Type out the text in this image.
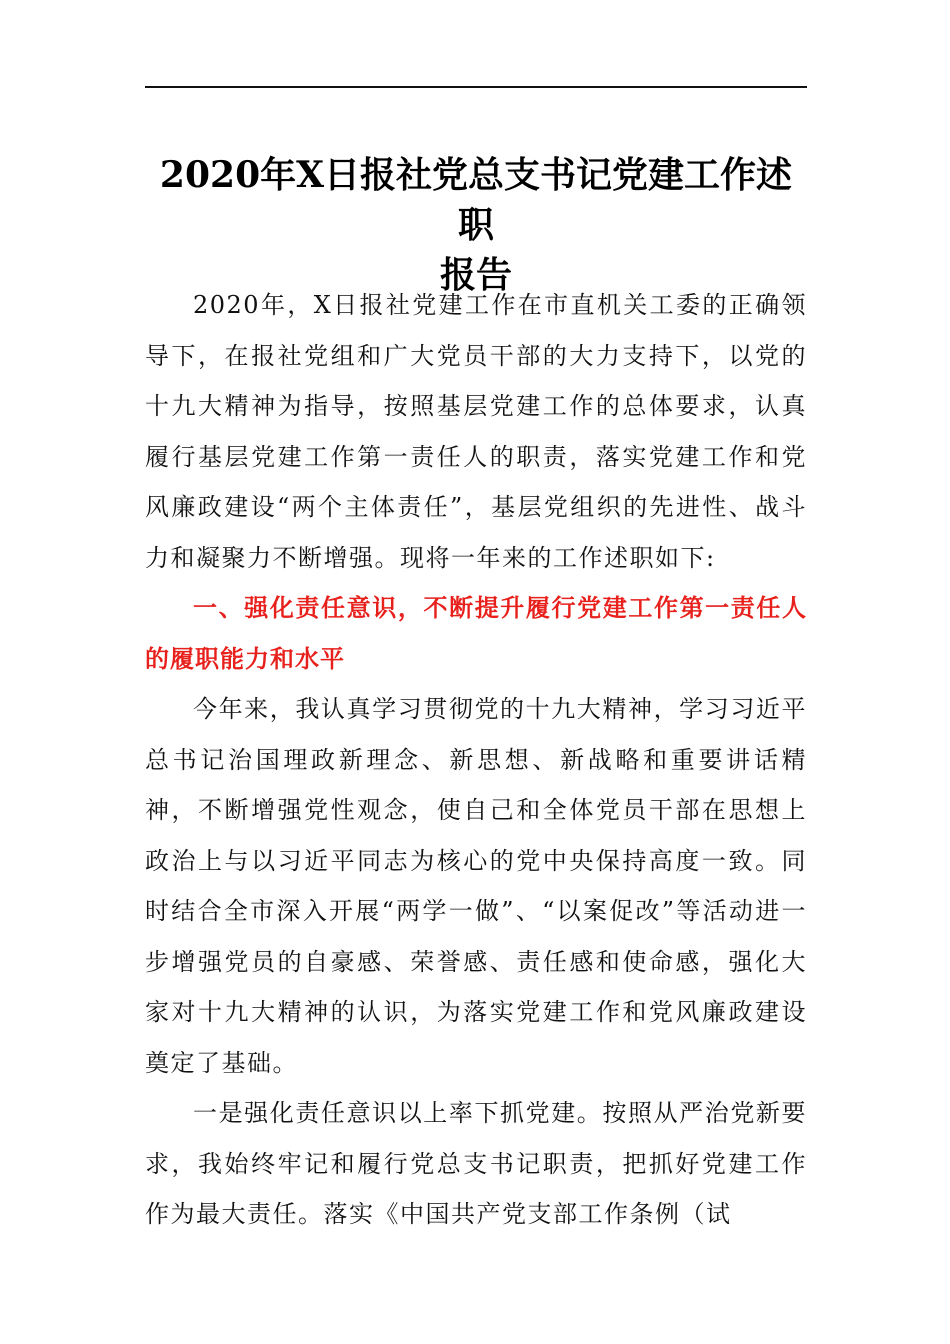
2020年X日报社党总支书记党建工作述职
报告

2020年，X日报社党建工作在市直机关工委的正确领导下，在报社党组和广大党员干部的大力支持下，以党的十九大精神为指导，按照基层党建工作的总体要求，认真履行基层党建工作第一责任人的职责，落实党建工作和党风廉政建设“两个主体责任”，基层党组织的先进性、战斗力和凝聚力不断增强。现将一年来的工作述职如下:

一、强化责任意识，不断提升履行党建工作第一责任人的履职能力和水平

今年来，我认真学习贯彻党的十九大精神，学习习近平总书记治国理政新理念、新思想、新战略和重要讲话精神，不断增强党性观念，使自己和全体党员干部在思想上政治上与以习近平同志为核心的党中央保持高度一致。同时结合全市深入开展“两学一做”、“以案促改”等活动进一步增强党员的自豪感、荣誉感、责任感和使命感，强化大家对十九大精神的认识，为落实党建工作和党风廉政建设奠定了基础。

一是强化责任意识以上率下抓党建。按照从严治党新要求，我始终牢记和履行党总支书记职责，把抓好党建工作作为最大责任。落实《中国共产党支部工作条例（试
